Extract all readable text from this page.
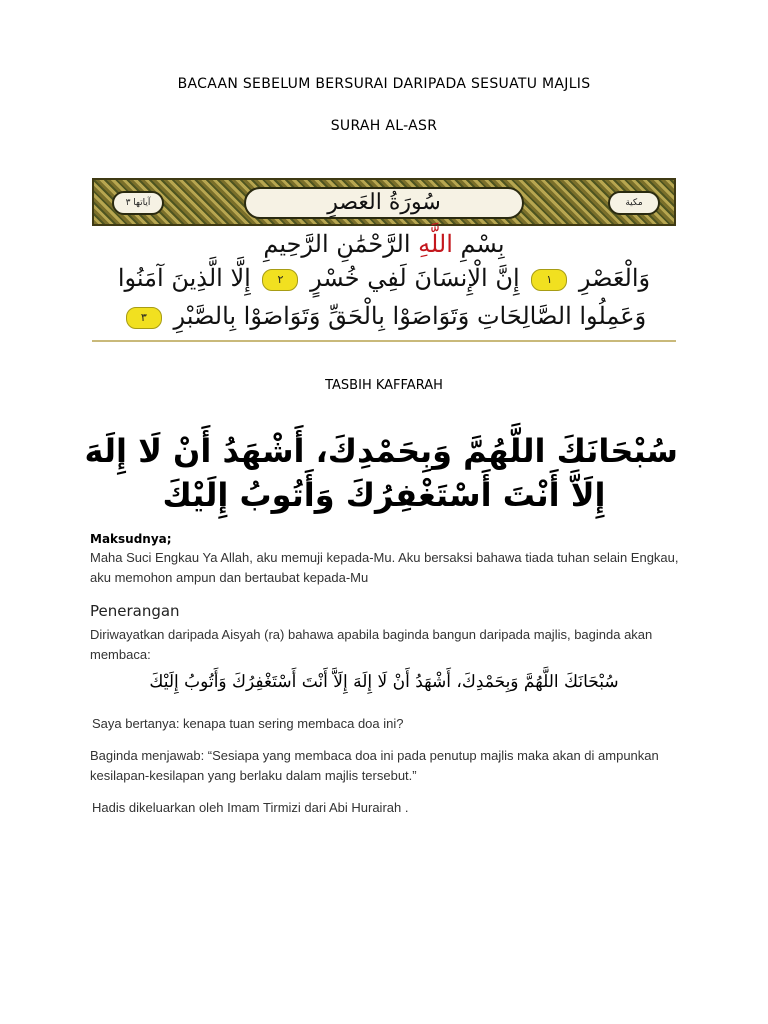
BACAAN SEBELUM BERSURAI DARIPADA SESUATU MAJLIS
SURAH AL-ASR
آياتها ٣	سُورَةُ العَصرِ	مكية
بِسْمِ اللَّهِ الرَّحْمَٰنِ الرَّحِيمِ
وَالْعَصْرِ ١ إِنَّ الْإِنسَانَ لَفِي خُسْرٍ ٢ إِلَّا الَّذِينَ آمَنُوا
وَعَمِلُوا الصَّالِحَاتِ وَتَوَاصَوْا بِالْحَقِّ وَتَوَاصَوْا بِالصَّبْرِ ٣
TASBIH KAFFARAH
سُبْحَانَكَ اللَّهُمَّ وَبِحَمْدِكَ، أَشْهَدُ أَنْ لَا إِلَهَ
إِلَاَّ أَنْتَ أَسْتَغْفِرُكَ وَأَتُوبُ إِلَيْكَ
Maksudnya;
Maha Suci Engkau Ya Allah, aku memuji kepada-Mu. Aku bersaksi bahawa tiada tuhan selain Engkau, aku memohon ampun dan bertaubat kepada-Mu
Penerangan
Diriwayatkan daripada Aisyah (ra) bahawa apabila baginda bangun daripada majlis, baginda akan membaca:
سُبْحَانَكَ اللَّهُمَّ وَبِحَمْدِكَ، أَشْهَدُ أَنْ لَا إِلَهَ إِلَاَّ أَنْتَ أَسْتَغْفِرُكَ وَأَتُوبُ إِلَيْكَ
Saya bertanya: kenapa tuan sering membaca doa ini?
Baginda menjawab: “Sesiapa yang membaca doa ini pada penutup majlis maka akan di ampunkan kesilapan-kesilapan yang berlaku dalam majlis tersebut.”
Hadis dikeluarkan oleh Imam Tirmizi dari Abi Hurairah .
